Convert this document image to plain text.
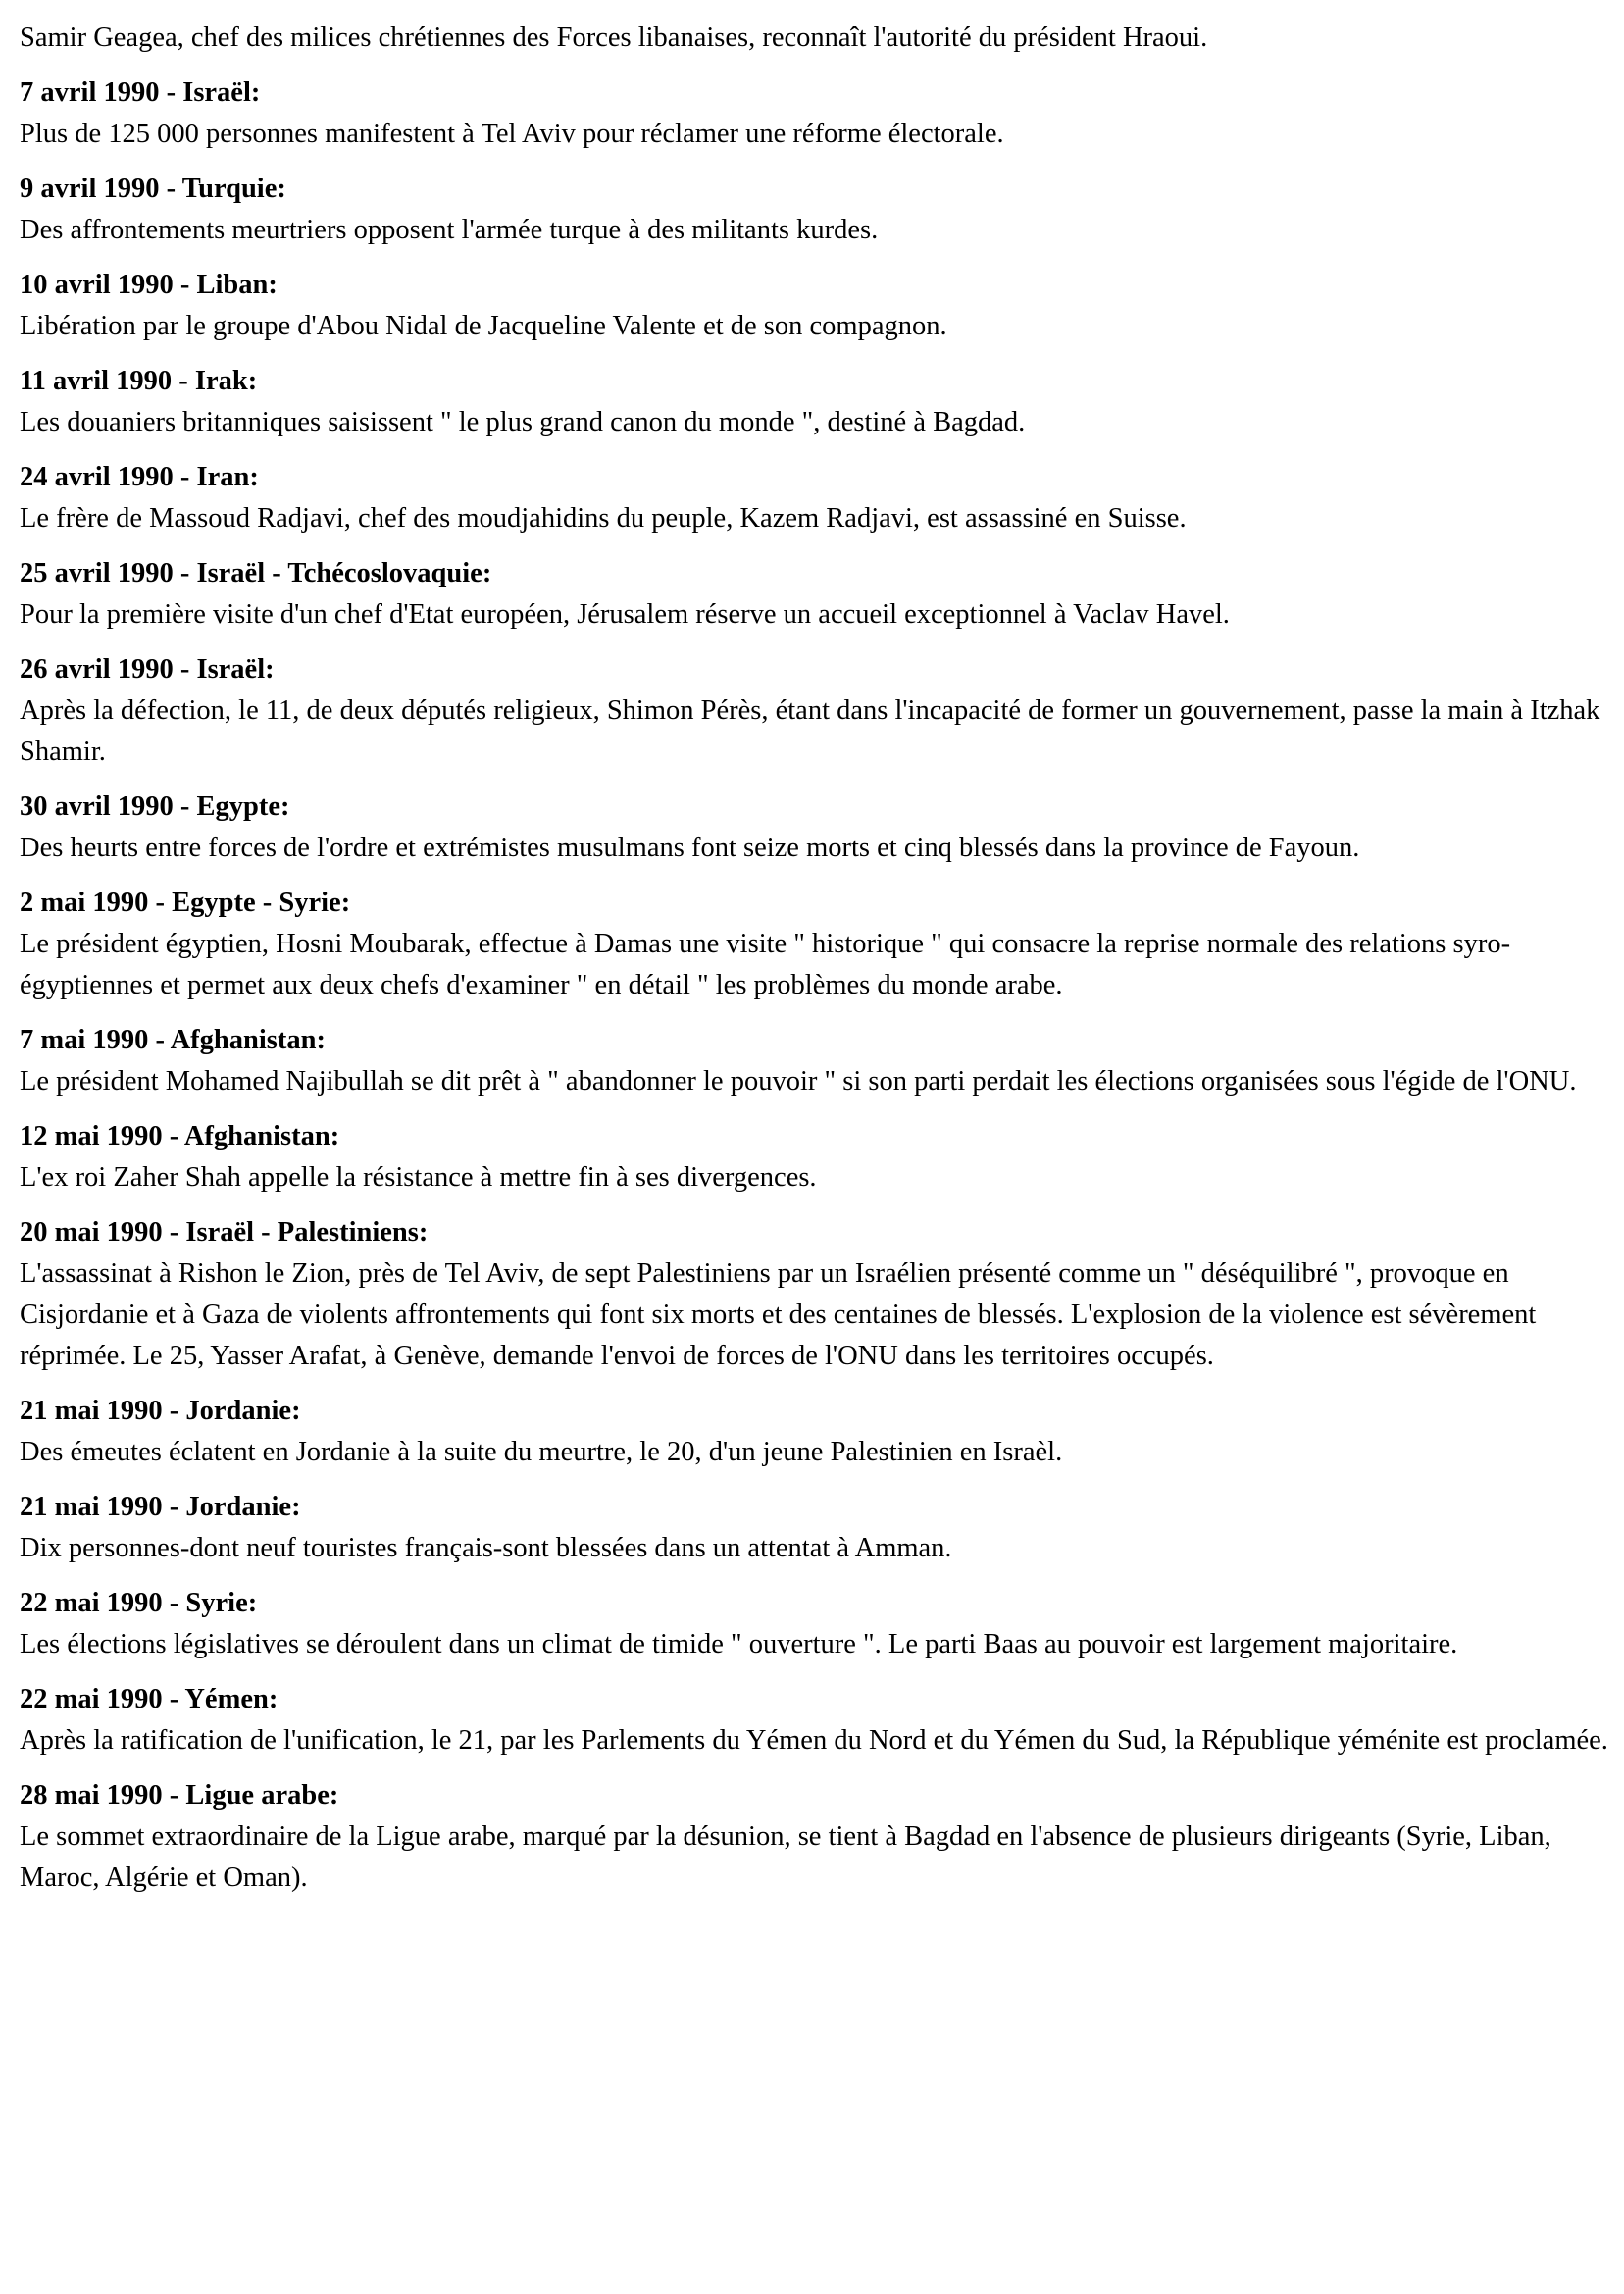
Samir Geagea, chef des milices chrétiennes des Forces libanaises, reconnaît l'autorité du président Hraoui.

7 avril 1990 - Israël:

Plus de 125 000 personnes manifestent à Tel Aviv pour réclamer une réforme électorale.

9 avril 1990 - Turquie:

Des affrontements meurtriers opposent l'armée turque à des militants kurdes.

10 avril 1990 - Liban:

Libération par le groupe d'Abou Nidal de Jacqueline Valente et de son compagnon.

11 avril 1990 - Irak:

Les douaniers britanniques saisissent " le plus grand canon du monde ", destiné à Bagdad.

24 avril 1990 - Iran:

Le frère de Massoud Radjavi, chef des moudjahidins du peuple, Kazem Radjavi, est assassiné en Suisse.

25 avril 1990 - Israël - Tchécoslovaquie:

Pour la première visite d'un chef d'Etat européen, Jérusalem réserve un accueil exceptionnel à Vaclav Havel.

26 avril 1990 - Israël:

Après la défection, le 11, de deux députés religieux, Shimon Pérès, étant dans l'incapacité de former un gouvernement, passe la main à Itzhak Shamir.

30 avril 1990 - Egypte:

Des heurts entre forces de l'ordre et extrémistes musulmans font seize morts et cinq blessés dans la province de Fayoun.

2 mai 1990 - Egypte - Syrie:

Le président égyptien, Hosni Moubarak, effectue à Damas une visite " historique " qui consacre la reprise normale des relations syro-égyptiennes et permet aux deux chefs d'examiner " en détail " les problèmes du monde arabe.

7 mai 1990 - Afghanistan:

Le président Mohamed Najibullah se dit prêt à " abandonner le pouvoir " si son parti perdait les élections organisées sous l'égide de l'ONU.

12 mai 1990 - Afghanistan:

L'ex roi Zaher Shah appelle la résistance à mettre fin à ses divergences.

20 mai 1990 - Israël - Palestiniens:

L'assassinat à Rishon le Zion, près de Tel Aviv, de sept Palestiniens par un Israélien présenté comme un " déséquilibré ", provoque en Cisjordanie et à Gaza de violents affrontements qui font six morts et des centaines de blessés. L'explosion de la violence est sévèrement réprimée. Le 25, Yasser Arafat, à Genève, demande l'envoi de forces de l'ONU dans les territoires occupés.

21 mai 1990 - Jordanie:

Des émeutes éclatent en Jordanie à la suite du meurtre, le 20, d'un jeune Palestinien en Israèl.

21 mai 1990 - Jordanie:

Dix personnes-dont neuf touristes français-sont blessées dans un attentat à Amman.

22 mai 1990 - Syrie:

Les élections législatives se déroulent dans un climat de timide " ouverture ". Le parti Baas au pouvoir est largement majoritaire.

22 mai 1990 - Yémen:

Après la ratification de l'unification, le 21, par les Parlements du Yémen du Nord et du Yémen du Sud, la République yéménite est proclamée.

28 mai 1990 - Ligue arabe:

Le sommet extraordinaire de la Ligue arabe, marqué par la désunion, se tient à Bagdad en l'absence de plusieurs dirigeants (Syrie, Liban, Maroc, Algérie et Oman).
